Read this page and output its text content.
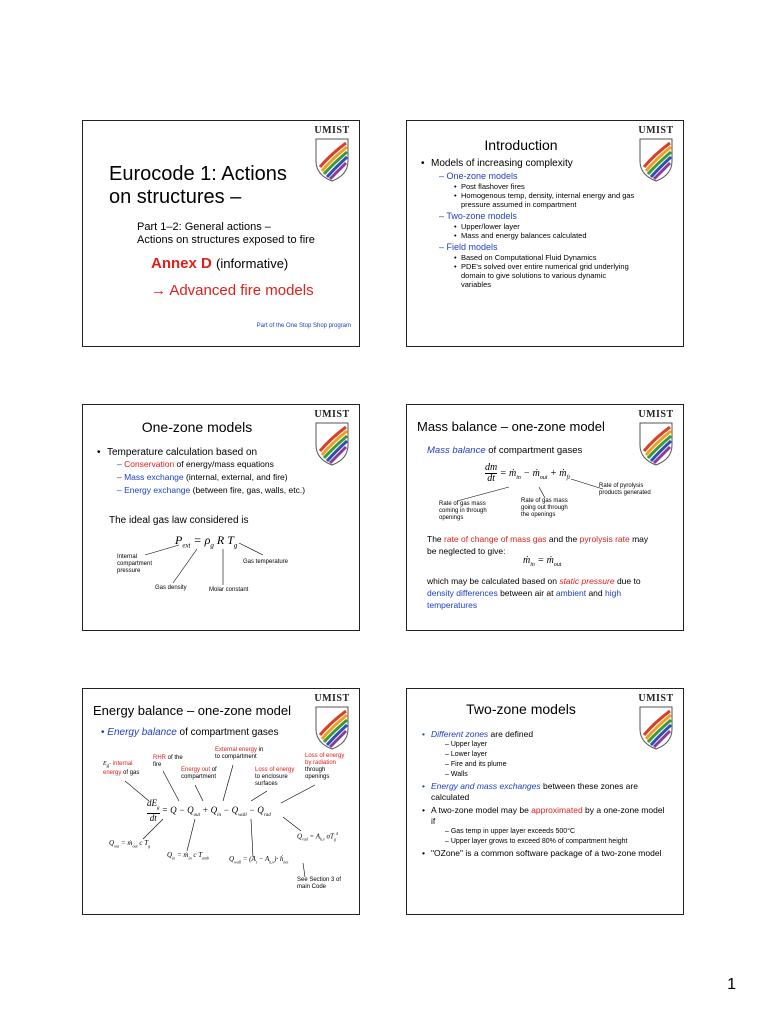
UMIST
Eurocode 1: Actions
on structures –
Part 1–2: General actions –
Actions on structures exposed to fire
Annex D (informative)
→ Advanced fire models
Part of the One Stop Shop program
UMIST
Introduction
• Models of increasing complexity
– One-zone models
• Post flashover fires
• Homogenous temp, density, internal energy and gas
pressure assumed in compartment
– Two-zone models
• Upper/lower layer
• Mass and energy balances calculated
– Field models
• Based on Computational Fluid Dynamics
• PDE's solved over entire numerical grid underlying
domain to give solutions to various dynamic
variables
UMIST
One-zone models
• Temperature calculation based on
– Conservation of energy/mass equations
– Mass exchange (internal, external, and fire)
– Energy exchange (between fire, gas, walls, etc.)
The ideal gas law considered is
$P_{ext} = \rho_g$ R $T_g$
Internal compartment pressure
Gas density	Molar constant
Gas temperature
UMIST
Mass balance – one-zone model
Mass balance of compartment gases
$\frac{dm}{dt}$ = ṁ$_{in}$ − ṁ$_{out}$ + ṁ$_{fi}$
Rate of gas mass coming in through openings
Rate of gas mass going out through the openings
Rate of pyrolysis products generated
The rate of change of mass gas and the pyrolysis rate may
be neglected to give:
ṁ$_{in}$ = ṁ$_{out}$
which may be calculated based on static pressure due to
density differences between air at ambient and high
temperatures
UMIST
Energy balance – one-zone model
• Energy balance of compartment gases
$E_g-$ internal
energy of gas
RHR of the fire
Energy out of compartment
External energy in to compartment
Loss of energy to enclosure surfaces
Loss of energy by radiation through openings
$dE_g$
dt
= $Q - Q_{out} + Q_{in} - Q_{wall} - Q_{rad}$
$Q_{out}$ = ṁ$_{out}$ c $T_g$
$Q_{in}$ = ṁ$_{in}$ c $T_{amb}$	$Q_{wall} = (A_t - A_{h,v})\cdot$ ḣ$_{net}$
$Q_{rad} = A_{h,v}$ $\sigma T_g^4$
See Section 3 of main Code
UMIST
Two-zone models
• Different zones are defined
– Upper layer
– Lower layer
– Fire and its plume
– Walls
• Energy and mass exchanges between these zones are calculated
• A two-zone model may be approximated by a one-zone model if
– Gas temp in upper layer exceeds 500°C
– Upper layer grows to exceed 80% of compartment height
• "OZone" is a common software package of a two-zone model
1
